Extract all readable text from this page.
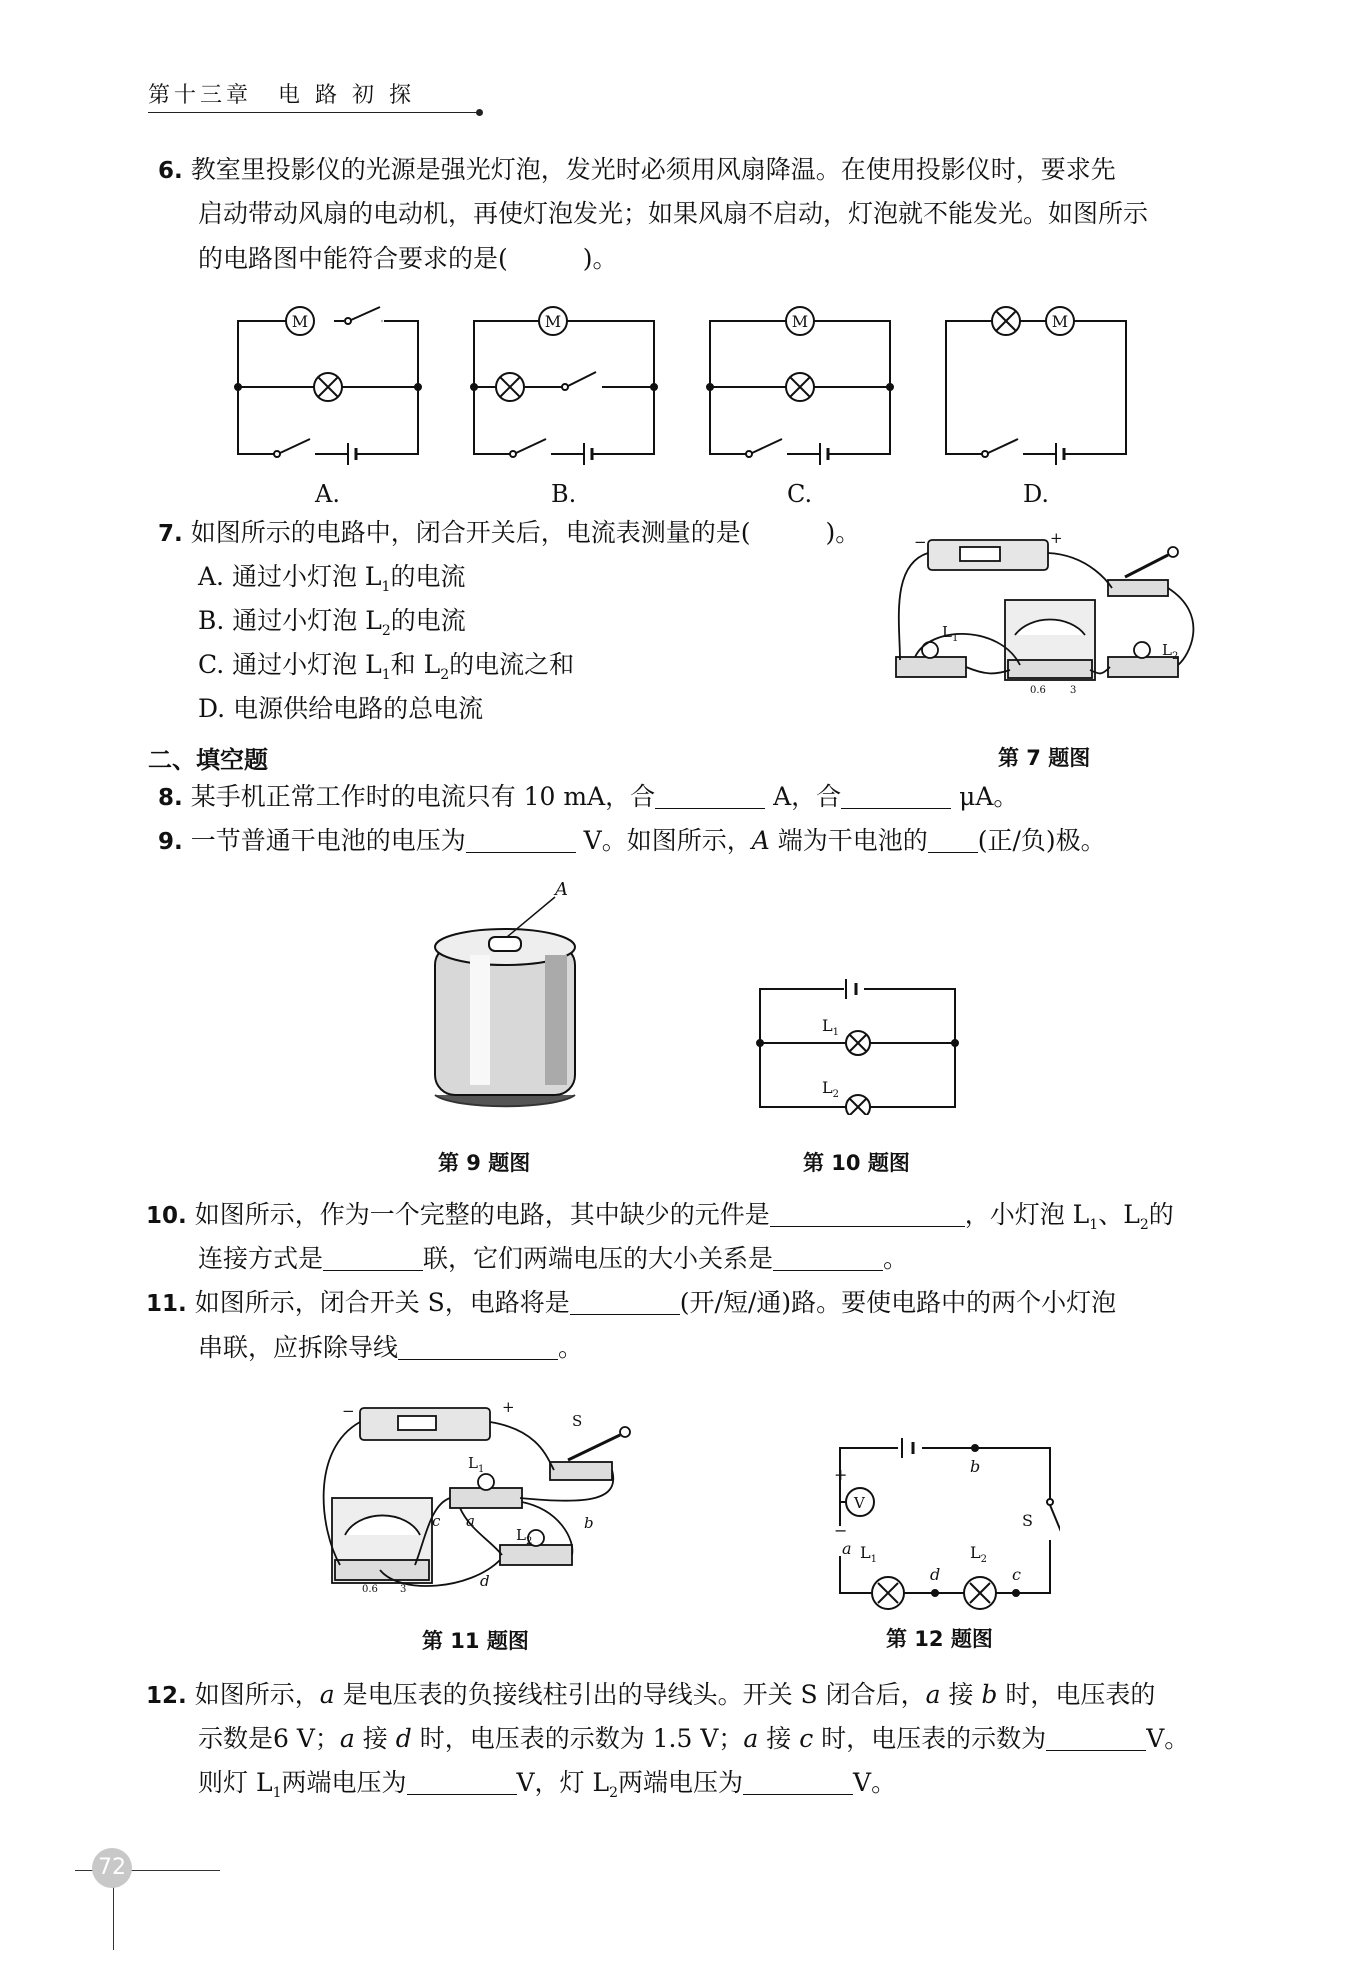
第十三章　电 路 初 探
6. 教室里投影仪的光源是强光灯泡，发光时必须用风扇降温。在使用投影仪时，要求先
启动带动风扇的电动机，再使灯泡发光；如果风扇不启动，灯泡就不能发光。如图所示
的电路图中能符合要求的是(　　　)。
M	M	M	M
A.	B.	C.	D.
7. 如图所示的电路中，闭合开关后，电流表测量的是(　　　)。
A. 通过小灯泡 $L_1$的电流
B. 通过小灯泡 $L_2$的电流
C. 通过小灯泡 $L_1$和 $L_2$的电流之和
D. 电源供给电路的总电流
−	+
$L_1$
$L_2$
0.6 3
第 7 题图
二、填空题
8. 某手机正常工作时的电流只有 10 mA，合	A，合	μA。
9. 一节普通干电池的电压为	V。如图所示，A 端为干电池的 (正/负)极。
A
第 9 题图
$L_1$
$L_2$
第 10 题图
10. 如图所示，作为一个完整的电路，其中缺少的元件是	，小灯泡 $L_1$、$L_2$的
连接方式是	联，它们两端电压的大小关系是	。
11. 如图所示，闭合开关 S，电路将是	(开/短/通)路。要使电路中的两个小灯泡
串联，应拆除导线	。
−	+
S
$L_1$
$L_2$
a	b
c
d
0.6 3
第 11 题图
V
+
−
b
S
a $L_1$	$L_2$
d	c
第 12 题图
12. 如图所示，a 是电压表的负接线柱引出的导线头。开关 S 闭合后，a 接 b 时，电压表的
示数是6 V；a 接 d 时，电压表的示数为 1.5 V；a 接 c 时，电压表的示数为	V。
则灯 $L_1$两端电压为	V，灯 $L_2$两端电压为	V。
72
